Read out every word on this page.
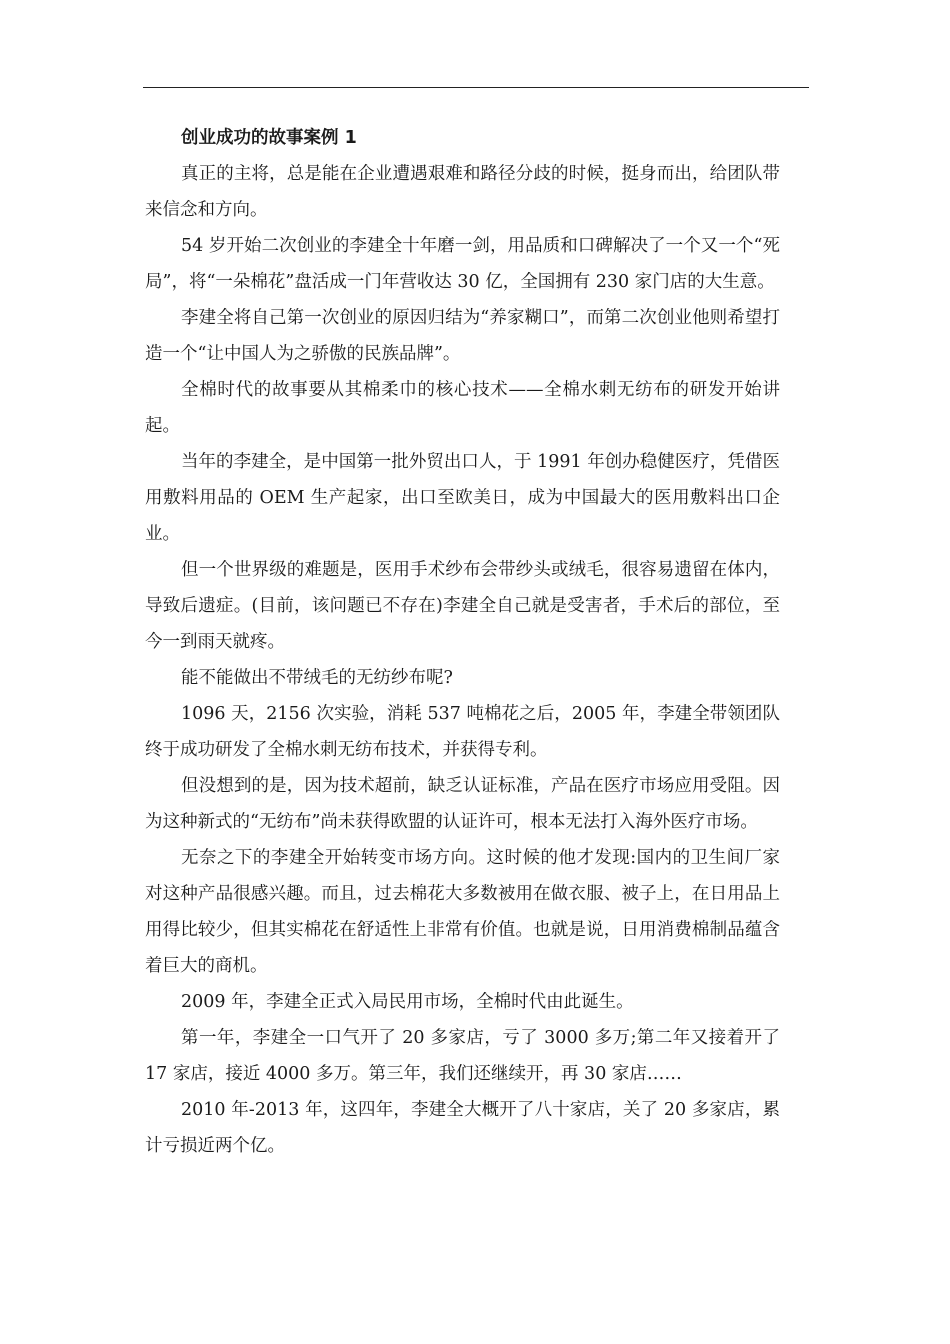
创业成功的故事案例 1

真正的主将，总是能在企业遭遇艰难和路径分歧的时候，挺身而出，给团队带来信念和方向。

54 岁开始二次创业的李建全十年磨一剑，用品质和口碑解决了一个又一个“死局”，将“一朵棉花”盘活成一门年营收达 30 亿，全国拥有 230 家门店的大生意。

李建全将自己第一次创业的原因归结为“养家糊口”，而第二次创业他则希望打造一个“让中国人为之骄傲的民族品牌”。

全棉时代的故事要从其棉柔巾的核心技术——全棉水刺无纺布的研发开始讲起。

当年的李建全，是中国第一批外贸出口人，于 1991 年创办稳健医疗，凭借医用敷料用品的 OEM 生产起家，出口至欧美日，成为中国最大的医用敷料出口企业。

但一个世界级的难题是，医用手术纱布会带纱头或绒毛，很容易遗留在体内，导致后遗症。(目前，该问题已不存在)李建全自己就是受害者，手术后的部位，至今一到雨天就疼。

能不能做出不带绒毛的无纺纱布呢?

1096 天，2156 次实验，消耗 537 吨棉花之后，2005 年，李建全带领团队终于成功研发了全棉水刺无纺布技术，并获得专利。

但没想到的是，因为技术超前，缺乏认证标准，产品在医疗市场应用受阻。因为这种新式的“无纺布”尚未获得欧盟的认证许可，根本无法打入海外医疗市场。

无奈之下的李建全开始转变市场方向。这时候的他才发现:国内的卫生间厂家对这种产品很感兴趣。而且，过去棉花大多数被用在做衣服、被子上，在日用品上用得比较少，但其实棉花在舒适性上非常有价值。也就是说，日用消费棉制品蕴含着巨大的商机。

2009 年，李建全正式入局民用市场，全棉时代由此诞生。

第一年，李建全一口气开了 20 多家店，亏了 3000 多万;第二年又接着开了 17 家店，接近 4000 多万。第三年，我们还继续开，再 30 家店……

2010 年-2013 年，这四年，李建全大概开了八十家店，关了 20 多家店，累计亏损近两个亿。
